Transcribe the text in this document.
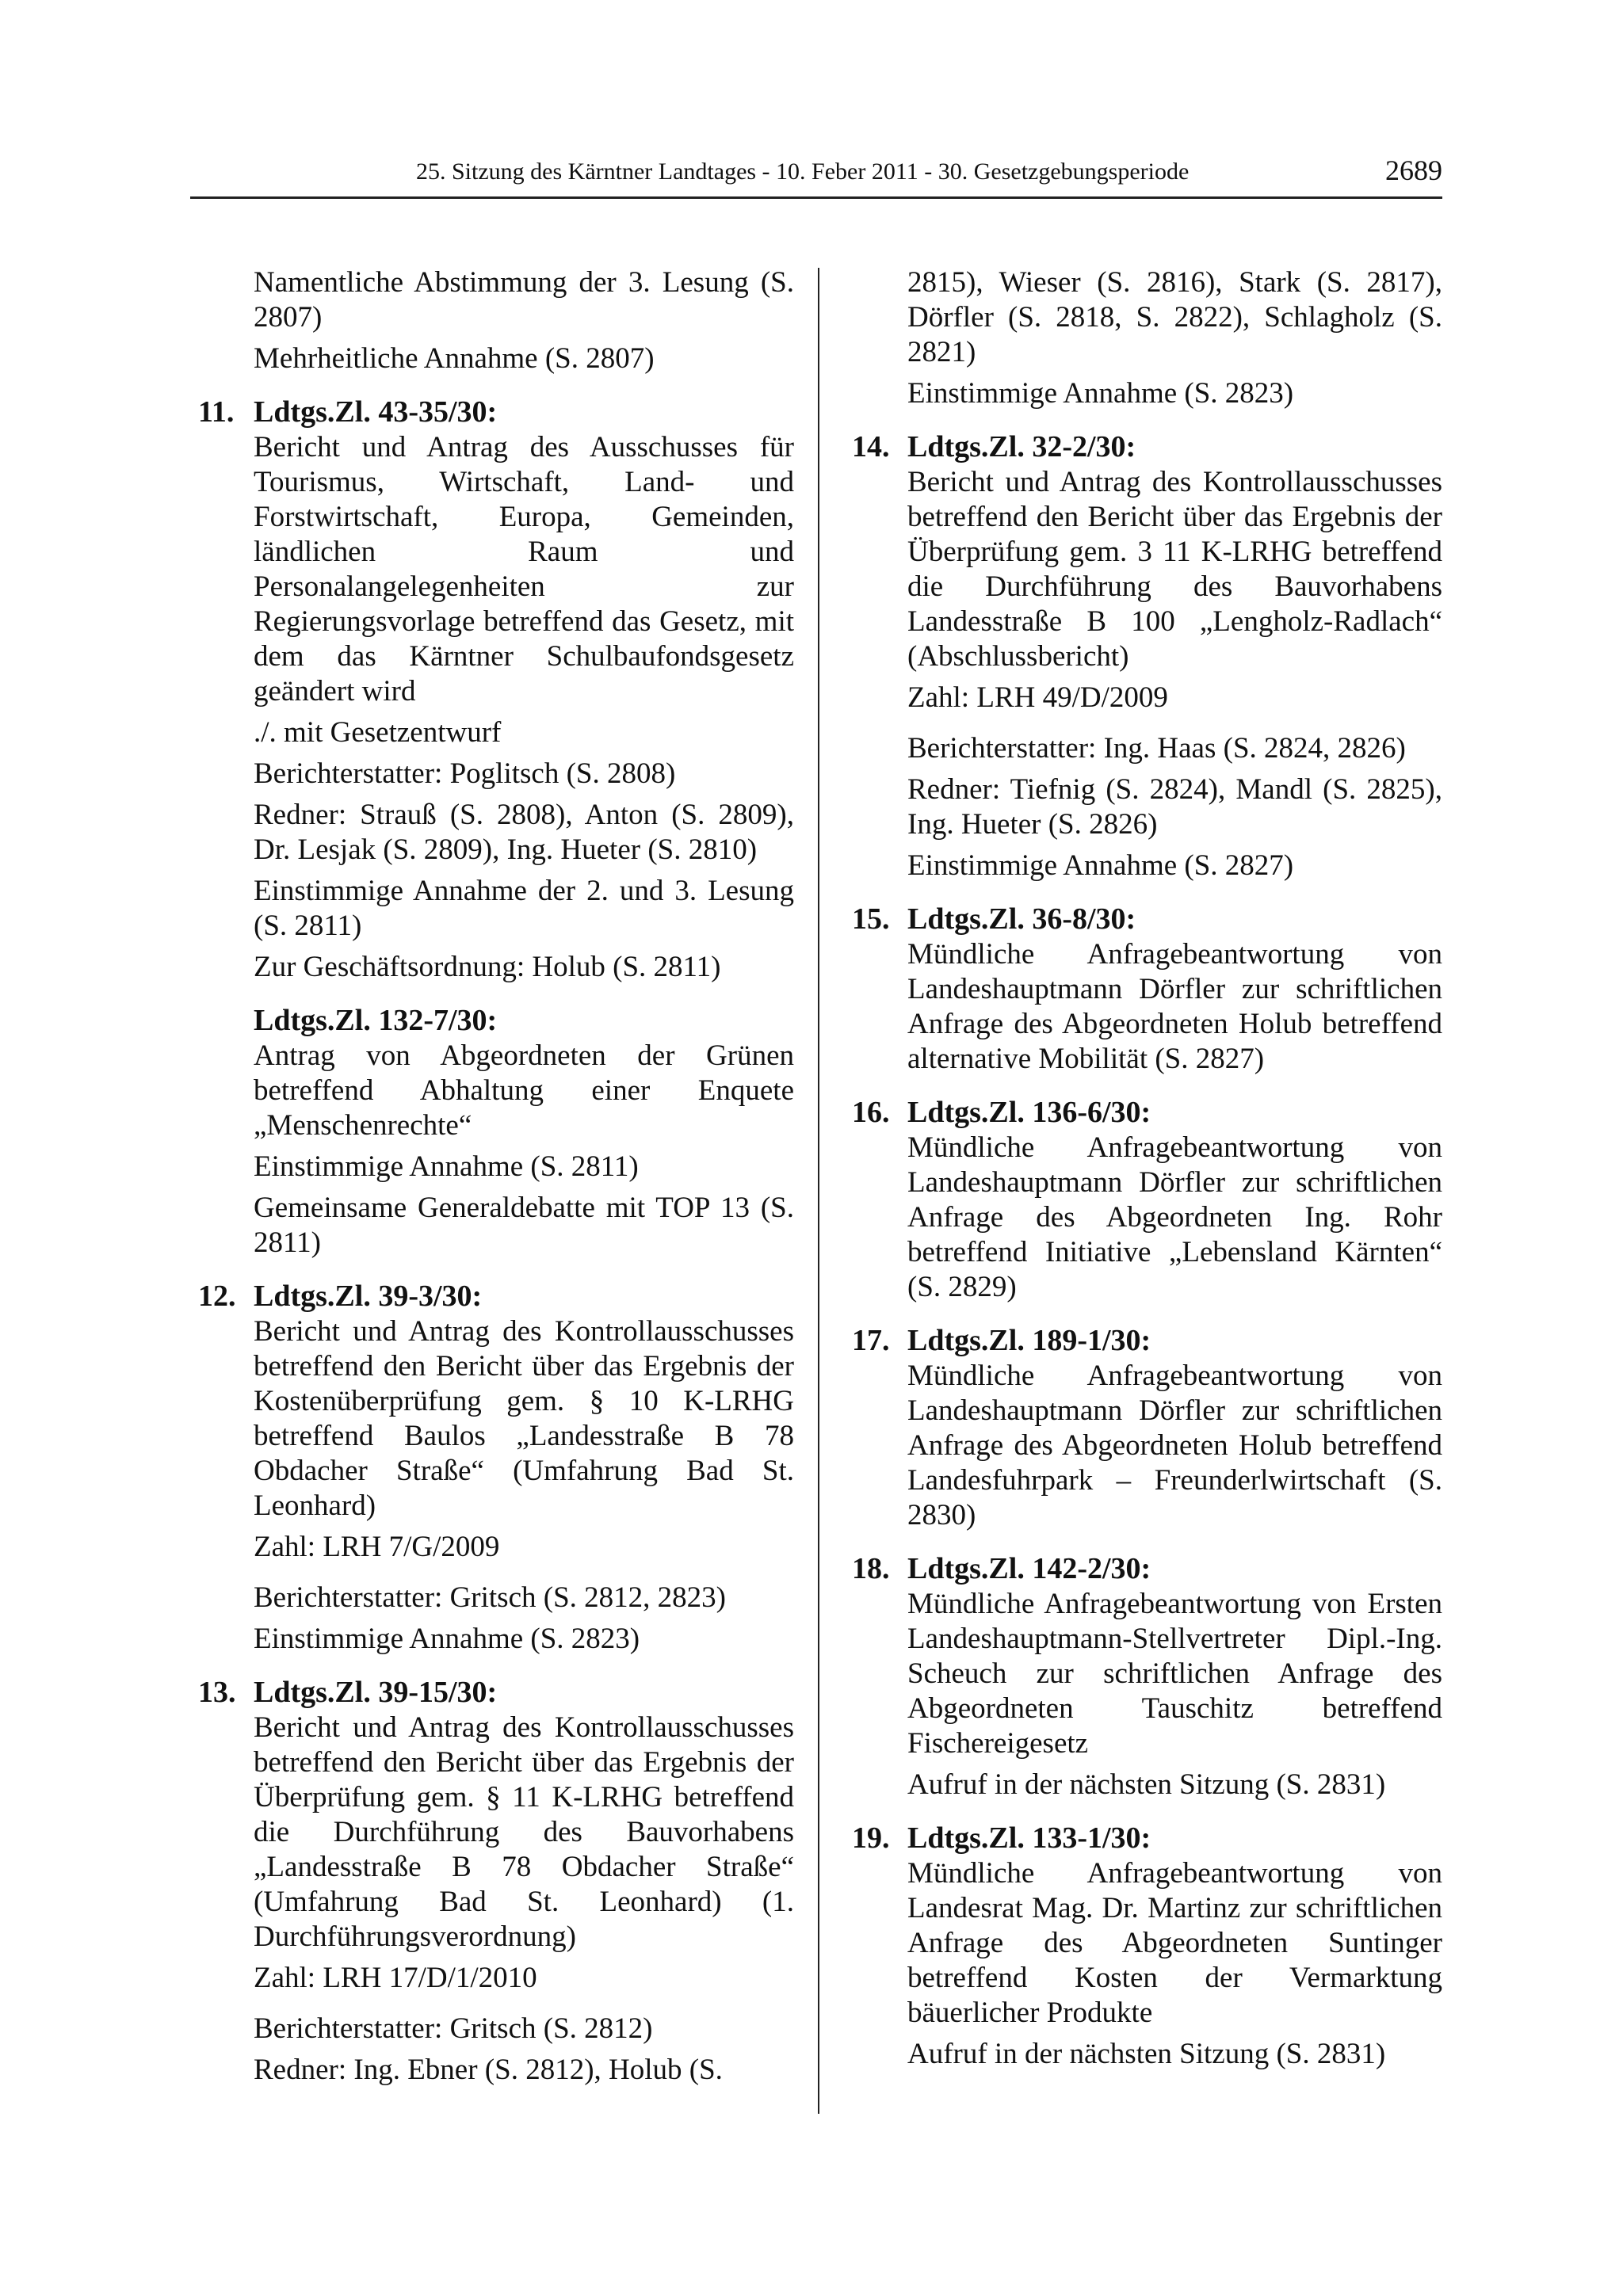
25. Sitzung des Kärntner Landtages - 10. Feber 2011 - 30. Gesetzgebungsperiode	2689

Namentliche Abstimmung der 3. Lesung (S. 2807)

Mehrheitliche Annahme (S. 2807)

11. Ldtgs.Zl. 43-35/30:

Bericht und Antrag des Ausschusses für Tourismus, Wirtschaft, Land- und Forstwirtschaft, Europa, Gemeinden, ländlichen Raum und Personalangelegenheiten zur Regierungsvorlage betreffend das Gesetz, mit dem das Kärntner Schulbaufondsgesetz geändert wird

./. mit Gesetzentwurf

Berichterstatter: Poglitsch (S. 2808)

Redner: Strauß (S. 2808), Anton (S. 2809), Dr. Lesjak (S. 2809), Ing. Hueter (S. 2810)

Einstimmige Annahme der 2. und 3. Lesung (S. 2811)

Zur Geschäftsordnung: Holub (S. 2811)

Ldtgs.Zl. 132-7/30:

Antrag von Abgeordneten der Grünen betreffend Abhaltung einer Enquete „Menschenrechte“

Einstimmige Annahme (S. 2811)

Gemeinsame Generaldebatte mit TOP 13 (S. 2811)

12. Ldtgs.Zl. 39-3/30:

Bericht und Antrag des Kontrollausschusses betreffend den Bericht über das Ergebnis der Kostenüberprüfung gem. § 10 K-LRHG betreffend Baulos „Landesstraße B 78 Obdacher Straße“ (Umfahrung Bad St. Leonhard)

Zahl: LRH 7/G/2009

Berichterstatter: Gritsch (S. 2812, 2823)

Einstimmige Annahme (S. 2823)

13. Ldtgs.Zl. 39-15/30:

Bericht und Antrag des Kontrollausschusses betreffend den Bericht über das Ergebnis der Überprüfung gem. § 11 K-LRHG betreffend die Durchführung des Bauvorhabens „Landesstraße B 78 Obdacher Straße“ (Umfahrung Bad St. Leonhard) (1. Durchführungsverordnung)

Zahl: LRH 17/D/1/2010

Berichterstatter: Gritsch (S. 2812)

Redner: Ing. Ebner (S. 2812), Holub (S.

2815), Wieser (S. 2816), Stark (S. 2817), Dörfler (S. 2818, S. 2822), Schlagholz (S. 2821)

Einstimmige Annahme (S. 2823)

14. Ldtgs.Zl. 32-2/30:

Bericht und Antrag des Kontrollausschusses betreffend den Bericht über das Ergebnis der Überprüfung gem. 3 11 K-LRHG betreffend die Durchführung des Bauvorhabens Landesstraße B 100 „Lengholz-Radlach“ (Abschlussbericht)

Zahl: LRH 49/D/2009

Berichterstatter: Ing. Haas (S. 2824, 2826)

Redner: Tiefnig (S. 2824), Mandl (S. 2825), Ing. Hueter (S. 2826)

Einstimmige Annahme (S. 2827)

15. Ldtgs.Zl. 36-8/30:

Mündliche Anfragebeantwortung von Landeshauptmann Dörfler zur schriftlichen Anfrage des Abgeordneten Holub betreffend alternative Mobilität (S. 2827)

16. Ldtgs.Zl. 136-6/30:

Mündliche Anfragebeantwortung von Landeshauptmann Dörfler zur schriftlichen Anfrage des Abgeordneten Ing. Rohr betreffend Initiative „Lebensland Kärnten“ (S. 2829)

17. Ldtgs.Zl. 189-1/30:

Mündliche Anfragebeantwortung von Landeshauptmann Dörfler zur schriftlichen Anfrage des Abgeordneten Holub betreffend Landesfuhrpark – Freunderlwirtschaft (S. 2830)

18. Ldtgs.Zl. 142-2/30:

Mündliche Anfragebeantwortung von Ersten Landeshauptmann-Stellvertreter Dipl.-Ing. Scheuch zur schriftlichen Anfrage des Abgeordneten Tauschitz betreffend Fischereigesetz

Aufruf in der nächsten Sitzung (S. 2831)

19. Ldtgs.Zl. 133-1/30:

Mündliche Anfragebeantwortung von Landesrat Mag. Dr. Martinz zur schriftlichen Anfrage des Abgeordneten Suntinger betreffend Kosten der Vermarktung bäuerlicher Produkte

Aufruf in der nächsten Sitzung (S. 2831)
